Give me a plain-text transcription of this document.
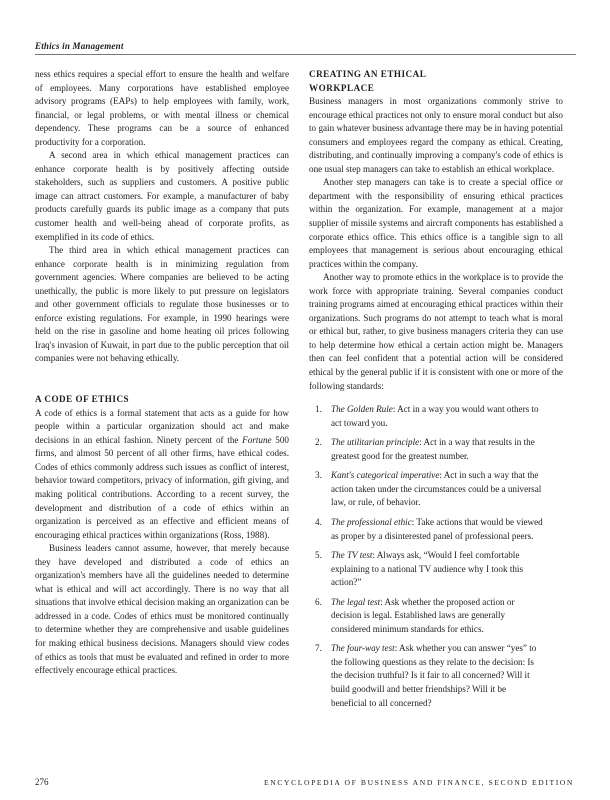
Ethics in Management

ness ethics requires a special effort to ensure the health and welfare of employees. Many corporations have established employee advisory programs (EAPs) to help employees with family, work, financial, or legal problems, or with mental illness or chemical dependency. These programs can be a source of enhanced productivity for a corporation.

A second area in which ethical management practices can enhance corporate health is by positively affecting outside stakeholders, such as suppliers and customers. A positive public image can attract customers. For example, a manufacturer of baby products carefully guards its public image as a company that puts customer health and well-being ahead of corporate profits, as exemplified in its code of ethics.

The third area in which ethical management practices can enhance corporate health is in minimizing regulation from government agencies. Where companies are believed to be acting unethically, the public is more likely to put pressure on legislators and other government officials to regulate those businesses or to enforce existing regulations. For example, in 1990 hearings were held on the rise in gasoline and home heating oil prices following Iraq's invasion of Kuwait, in part due to the public perception that oil companies were not behaving ethically.

A CODE OF ETHICS

A code of ethics is a formal statement that acts as a guide for how people within a particular organization should act and make decisions in an ethical fashion. Ninety percent of the Fortune 500 firms, and almost 50 percent of all other firms, have ethical codes. Codes of ethics commonly address such issues as conflict of interest, behavior toward competitors, privacy of information, gift giving, and making political contributions. According to a recent survey, the development and distribution of a code of ethics within an organization is perceived as an effective and efficient means of encouraging ethical practices within organizations (Ross, 1988).

Business leaders cannot assume, however, that merely because they have developed and distributed a code of ethics an organization's members have all the guidelines needed to determine what is ethical and will act accordingly. There is no way that all situations that involve ethical decision making an organization can be addressed in a code. Codes of ethics must be monitored continually to determine whether they are comprehensive and usable guidelines for making ethical business decisions. Managers should view codes of ethics as tools that must be evaluated and refined in order to more effectively encourage ethical practices.

CREATING AN ETHICAL
WORKPLACE

Business managers in most organizations commonly strive to encourage ethical practices not only to ensure moral conduct but also to gain whatever business advantage there may be in having potential consumers and employees regard the company as ethical. Creating, distributing, and continually improving a company's code of ethics is one usual step managers can take to establish an ethical workplace.

Another step managers can take is to create a special office or department with the responsibility of ensuring ethical practices within the organization. For example, management at a major supplier of missile systems and aircraft components has established a corporate ethics office. This ethics office is a tangible sign to all employees that management is serious about encouraging ethical practices within the company.

Another way to promote ethics in the workplace is to provide the work force with appropriate training. Several companies conduct training programs aimed at encouraging ethical practices within their organizations. Such programs do not attempt to teach what is moral or ethical but, rather, to give business managers criteria they can use to help determine how ethical a certain action might be. Managers then can feel confident that a potential action will be considered ethical by the general public if it is consistent with one or more of the following standards:

1.	The Golden Rule: Act in a way you would want others to act toward you.
2.	The utilitarian principle: Act in a way that results in the greatest good for the greatest number.
3.	Kant's categorical imperative: Act in such a way that the action taken under the circumstances could be a universal law, or rule, of behavior.
4.	The professional ethic: Take actions that would be viewed as proper by a disinterested panel of professional peers.
5.	The TV test: Always ask, “Would I feel comfortable explaining to a national TV audience why I took this action?”
6.	The legal test: Ask whether the proposed action or decision is legal. Established laws are generally considered minimum standards for ethics.
7.	The four-way test: Ask whether you can answer “yes” to the following questions as they relate to the decision: Is the decision truthful? Is it fair to all concerned? Will it build goodwill and better friendships? Will it be beneficial to all concerned?
276	ENCYCLOPEDIA OF BUSINESS AND FINANCE, SECOND EDITION
